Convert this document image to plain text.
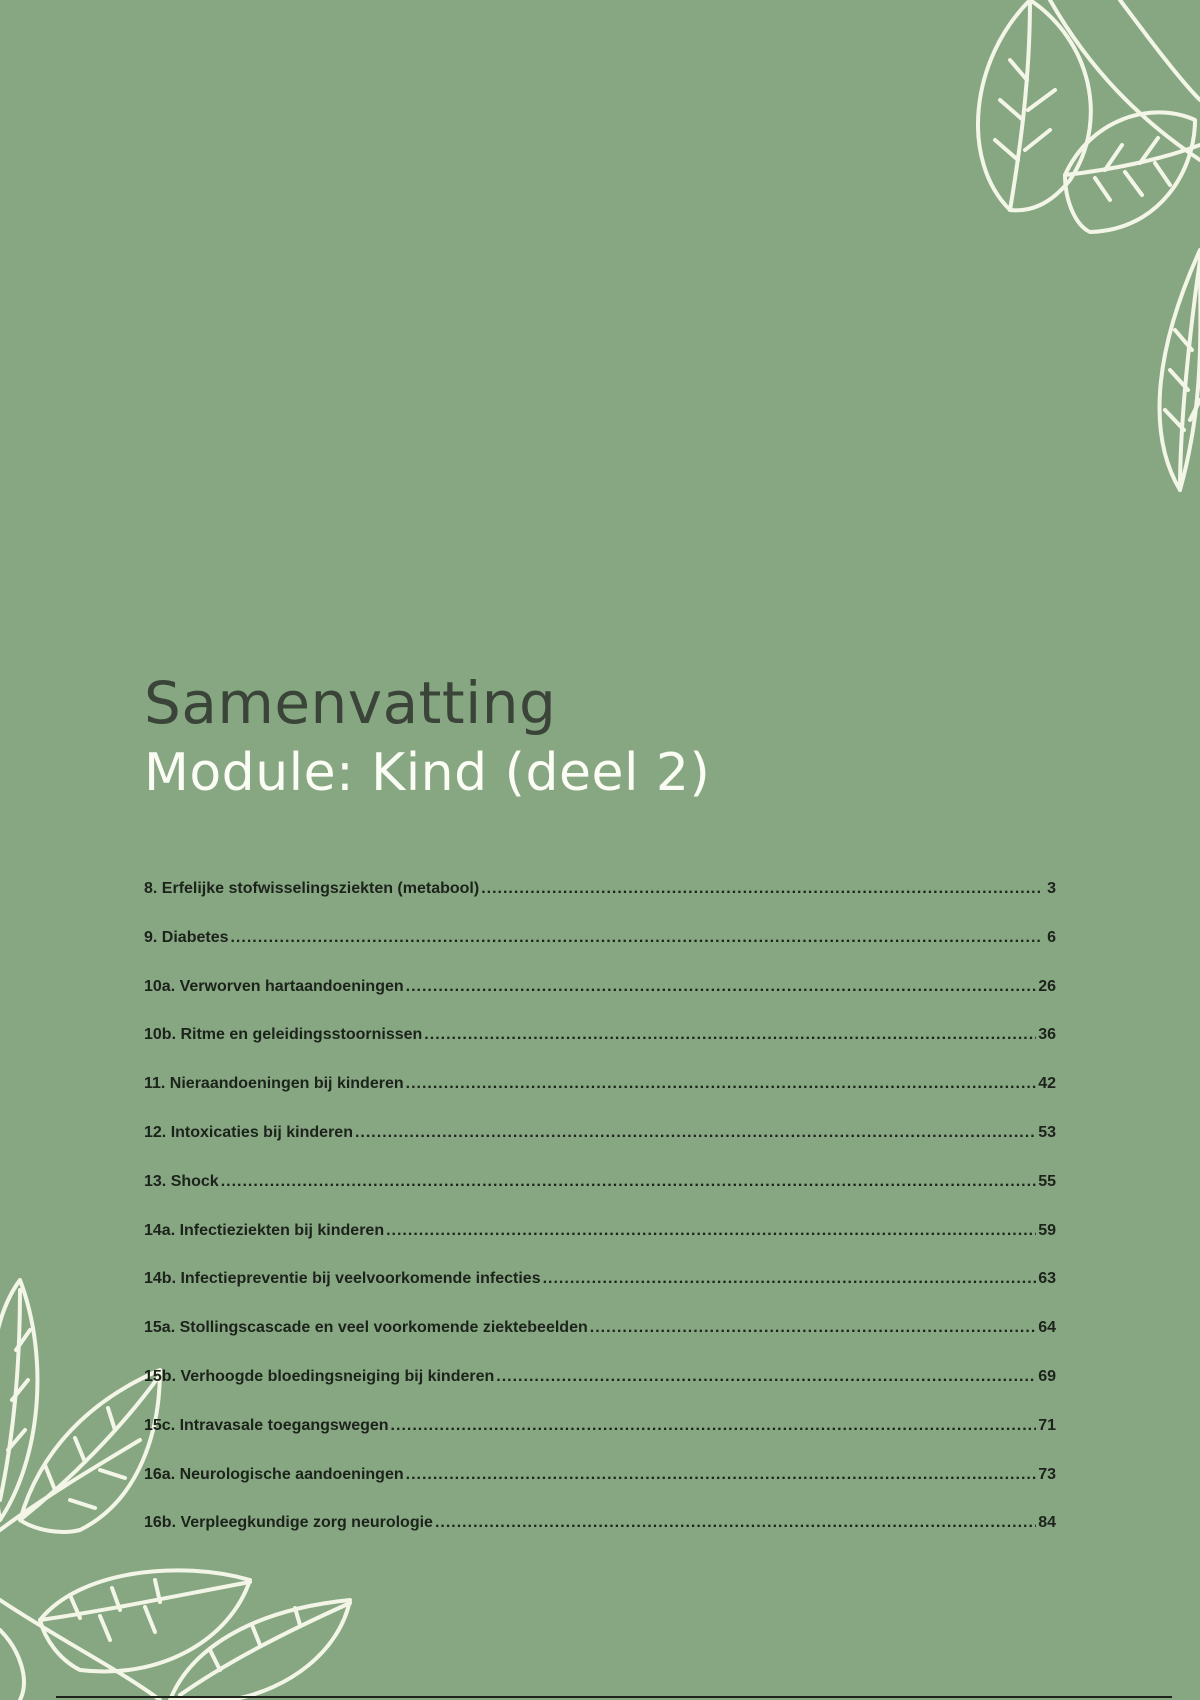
Samenvatting
Module: Kind (deel 2)
8. Erfelijke stofwisselingsziekten (metabool) .....	3
9. Diabetes .....	6
10a. Verworven hartaandoeningen .....	26
10b. Ritme en geleidingsstoornissen .....	36
11. Nieraandoeningen bij kinderen .....	42
12. Intoxicaties bij kinderen .....	53
13. Shock .....	55
14a. Infectieziekten bij kinderen .....	59
14b. Infectiepreventie bij veelvoorkomende infecties .....	63
15a. Stollingscascade en veel voorkomende ziektebeelden .....	64
15b. Verhoogde bloedingsneiging bij kinderen .....	69
15c. Intravasale toegangswegen .....	71
16a. Neurologische aandoeningen .....	73
16b. Verpleegkundige zorg neurologie .....	84
